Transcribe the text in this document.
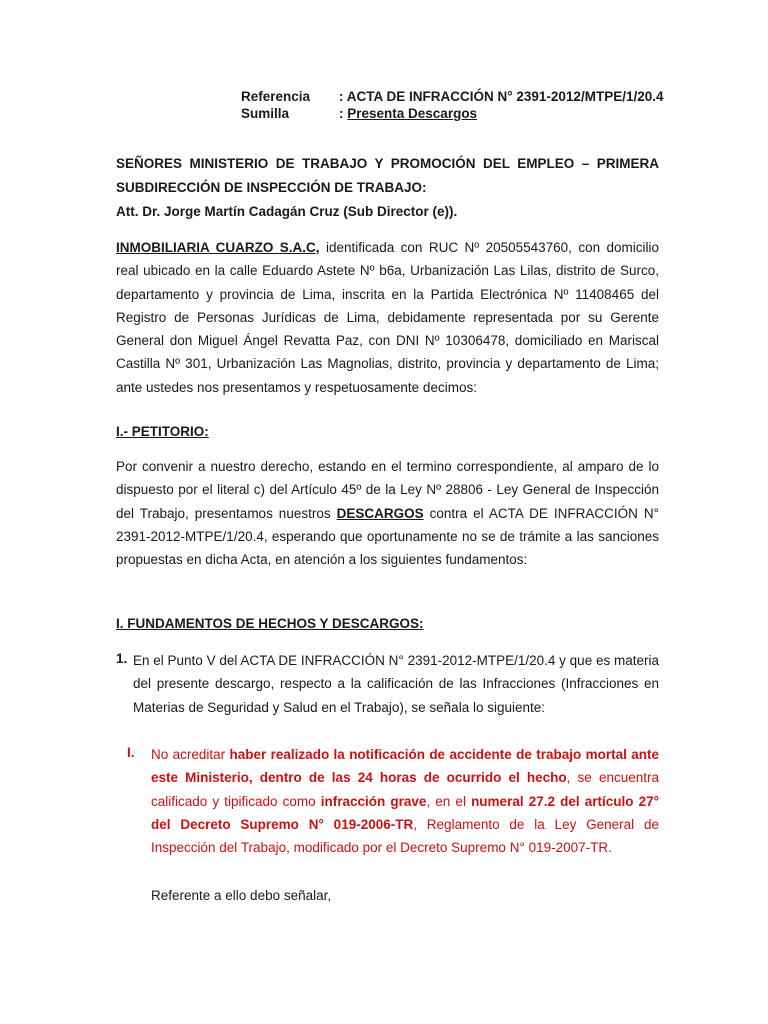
Referencia : ACTA DE INFRACCIÓN N° 2391-2012/MTPE/1/20.4
Sumilla	: Presenta Descargos
SEÑORES MINISTERIO DE TRABAJO Y PROMOCIÓN DEL EMPLEO – PRIMERA
SUBDIRECCIÓN DE INSPECCIÓN DE TRABAJO:
Att. Dr. Jorge Martín Cadagán Cruz (Sub Director (e)).

INMOBILIARIA CUARZO S.A.C, identificada con RUC Nº 20505543760, con domicilio real ubicado en la calle Eduardo Astete Nº b6a, Urbanización Las Lilas, distrito de Surco, departamento y provincia de Lima, inscrita en la Partida Electrónica Nº 11408465 del Registro de Personas Jurídicas de Lima, debidamente representada por su Gerente General don Miguel Ángel Revatta Paz, con DNI Nº 10306478, domiciliado en Mariscal Castilla Nº 301, Urbanización Las Magnolias, distrito, provincia y departamento de Lima; ante ustedes nos presentamos y respetuosamente decimos:

I.- PETITORIO:

Por convenir a nuestro derecho, estando en el termino correspondiente, al amparo de lo dispuesto por el literal c) del Artículo 45º de la Ley Nº 28806 - Ley General de Inspección del Trabajo, presentamos nuestros DESCARGOS contra el ACTA DE INFRACCIÓN N° 2391-2012-MTPE/1/20.4, esperando que oportunamente no se de trámite a las sanciones propuestas en dicha Acta, en atención a los siguientes fundamentos:

I. FUNDAMENTOS DE HECHOS Y DESCARGOS:
1. En el Punto V del ACTA DE INFRACCIÓN N° 2391-2012-MTPE/1/20.4 y que es materia del presente descargo, respecto a la calificación de las Infracciones (Infracciones en Materias de Seguridad y Salud en el Trabajo), se señala lo siguiente:

I. No acreditar haber realizado la notificación de accidente de trabajo mortal ante este Ministerio, dentro de las 24 horas de ocurrido el hecho, se encuentra calificado y tipificado como infracción grave, en el numeral 27.2 del artículo 27° del Decreto Supremo N° 019-2006-TR, Reglamento de la Ley General de Inspección del Trabajo, modificado por el Decreto Supremo N° 019-2007-TR.

Referente a ello debo señalar,
